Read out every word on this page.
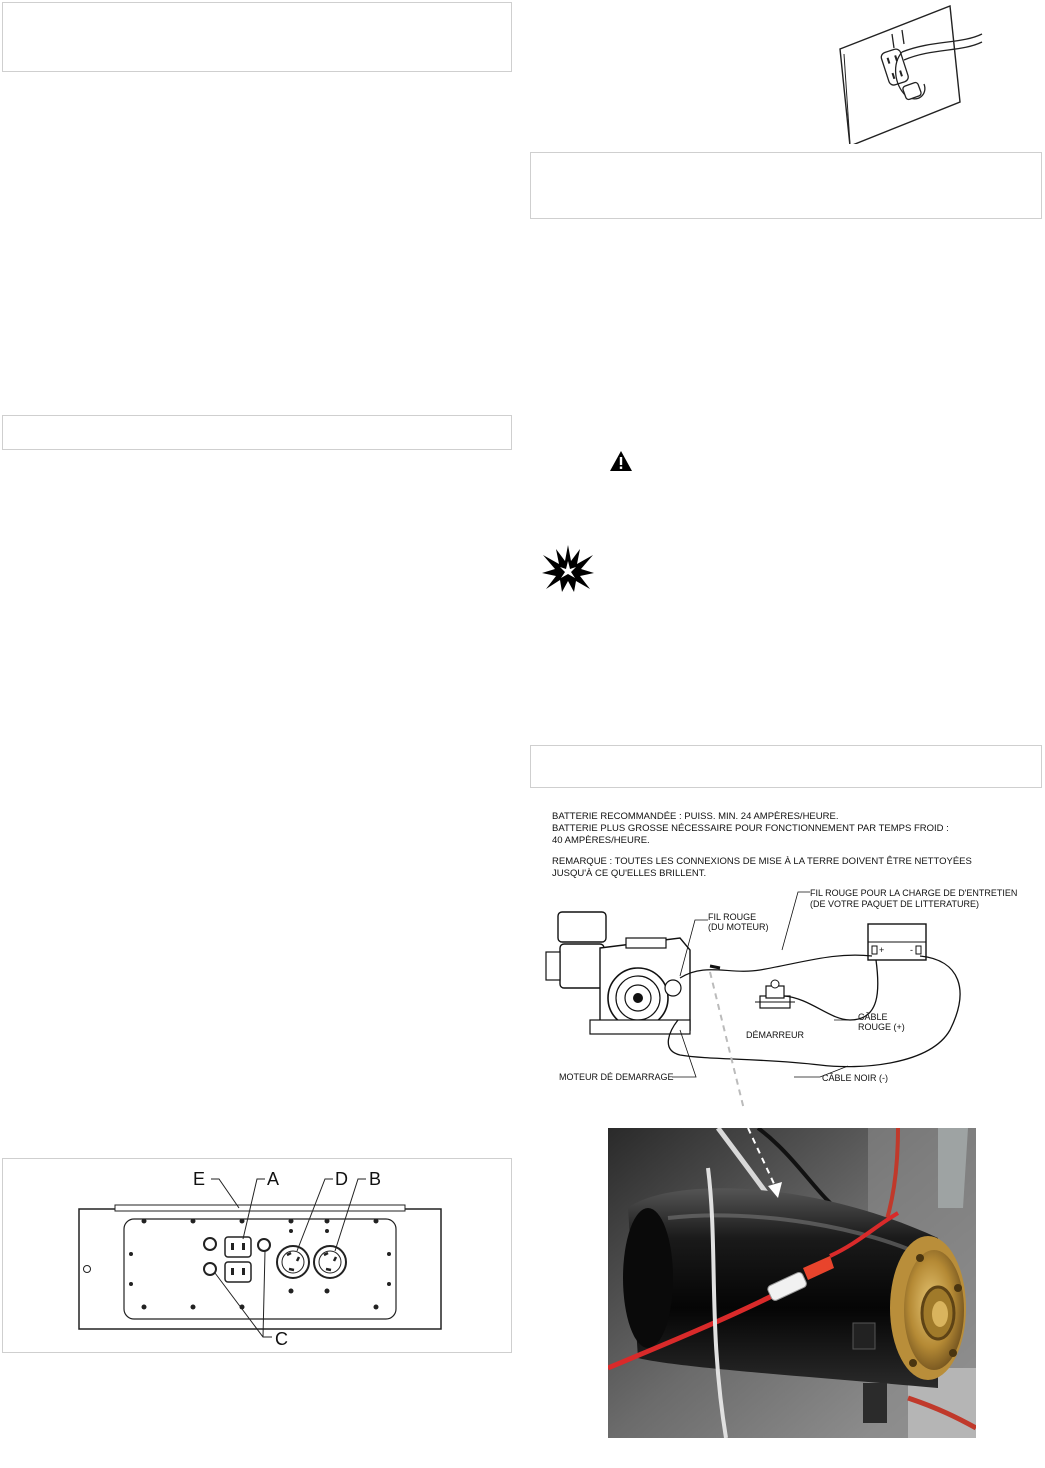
E	A	D B
C
BATTERIE RECOMMANDÉE : PUISS. MIN. 24 AMPÈRES/HEURE.
BATTERIE PLUS GROSSE NÉCESSAIRE POUR FONCTIONNEMENT PAR TEMPS FROID :
40 AMPÈRES/HEURE.
REMARQUE : TOUTES LES CONNEXIONS DE MISE À LA TERRE DOIVENT ÊTRE NETTOYÉES
JUSQU'À CE QU'ELLES BRILLENT.
FIL ROUGE POUR LA CHARGE DE D'ENTRETIEN
(DE VOTRE PAQUET DE LITTERATURE)
FIL ROUGE
(DU MOTEUR)
+	-
DÉMARREUR
CÂBLE
ROUGE (+)
MOTEUR DÉ DEMARRAGE	CÂBLE NOIR (-)
